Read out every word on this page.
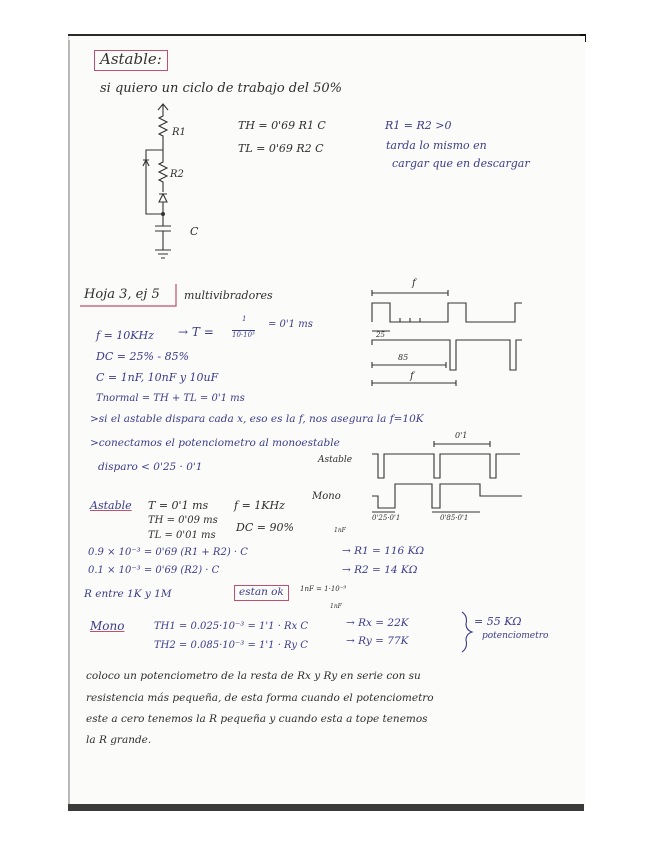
Astable:
si quiero un ciclo de trabajo del 50%
R1
R2
C
TH = 0'69 R1 C
TL = 0'69 R2 C
R1 = R2 >0
tarda lo mismo en
cargar que en descargar
Hoja 3, ej 5 multivibradores
f = 10KHz → T =
1
10·10³
= 0'1 ms
DC = 25% - 85%
C = 1nF, 10nF y 10uF
Tnormal = TH + TL = 0'1 ms
f
25
85
f
>si el astable dispara cada x, eso es la f, nos asegura la f=10K
>conectamos el potenciometro al monoestable
disparo < 0'25 · 0'1
Astable
Mono
0'1
0'25·0'1	0'85·0'1
Astable T = 0'1 ms f = 1KHz
TH = 0'09 ms
TL = 0'01 ms
DC = 90%	1nF
0.9 × 10⁻³ = 0'69 (R1 + R2) · C	→ R1 = 116 KΩ
0.1 × 10⁻³ = 0'69 (R2) · C	→ R2 = 14 KΩ
R entre 1K y 1M	estan ok	1nF = 1·10⁻⁹
Mono
1nF
TH1 = 0.025·10⁻³ = 1'1 · Rx C	→ Rx = 22K
TH2 = 0.085·10⁻³ = 1'1 · Ry C	→ Ry = 77K
= 55 KΩ
potenciometro
coloco un potenciometro de la resta de Rx y Ry en serie con su
resistencia más pequeña, de esta forma cuando el potenciometro
este a cero tenemos la R pequeña y cuando esta a tope tenemos
la R grande.
